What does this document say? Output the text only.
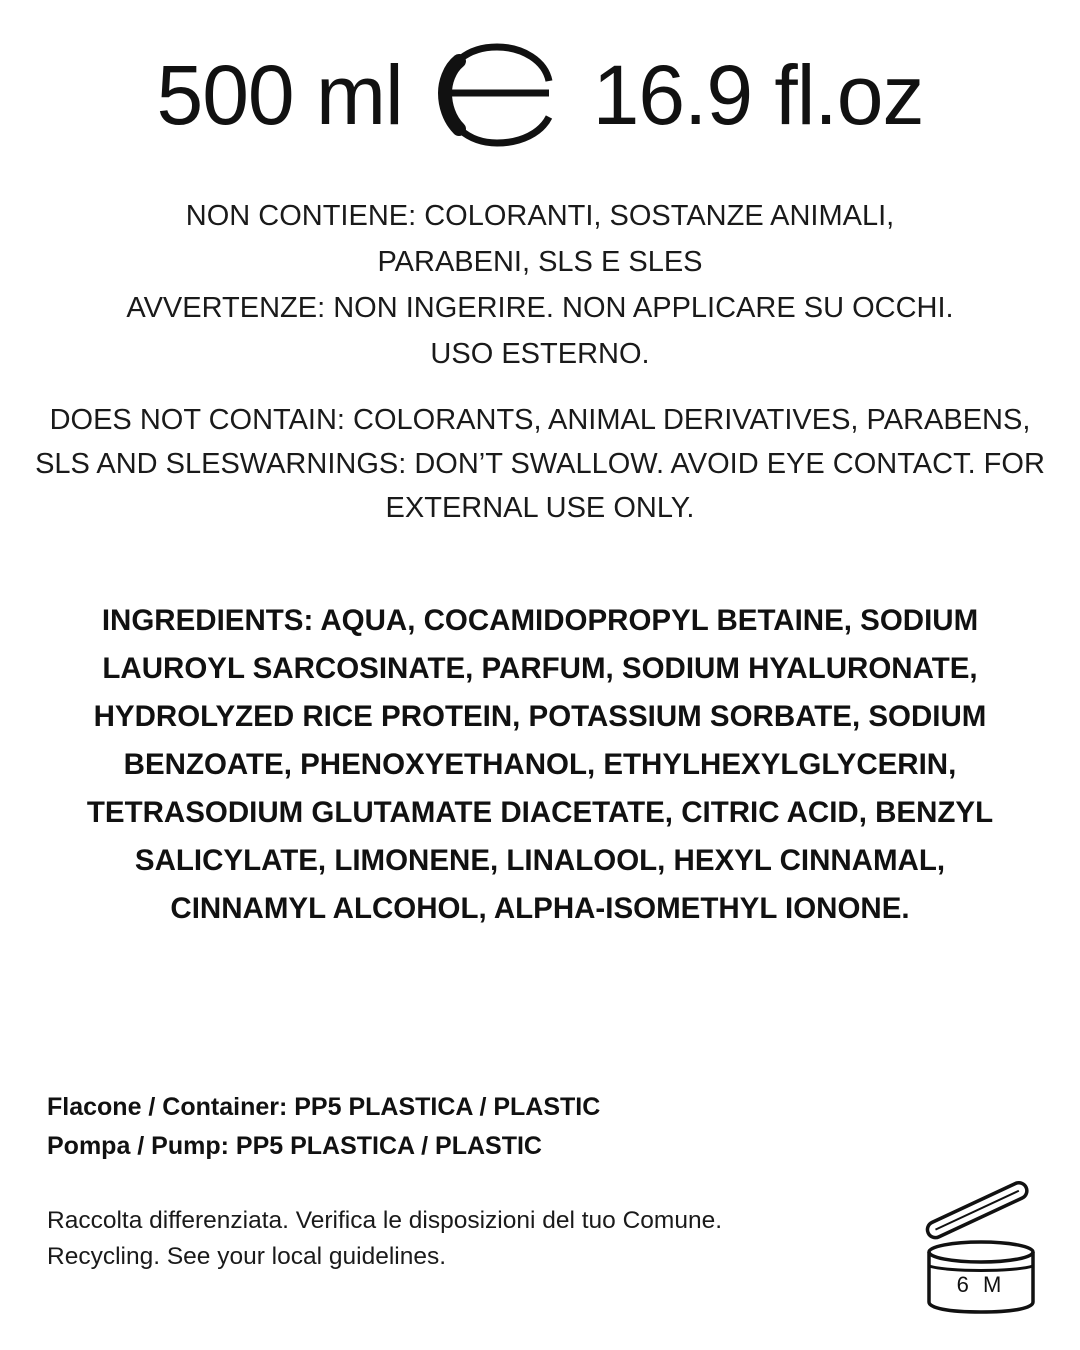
500 ml 16.9 fl.oz
NON CONTIENE: COLORANTI, SOSTANZE ANIMALI,
PARABENI, SLS E SLES
AVVERTENZE: NON INGERIRE. NON APPLICARE SU OCCHI.
USO ESTERNO.
DOES NOT CONTAIN: COLORANTS, ANIMAL DERIVATIVES, PARABENS, SLS AND SLESWARNINGS: DON’T SWALLOW. AVOID EYE CONTACT. FOR EXTERNAL USE ONLY.
INGREDIENTS: AQUA, COCAMIDOPROPYL BETAINE, SODIUM LAUROYL SARCOSINATE, PARFUM, SODIUM HYALURONATE, HYDROLYZED RICE PROTEIN, POTASSIUM SORBATE, SODIUM BENZOATE, PHENOXYETHANOL, ETHYLHEXYLGLYCERIN, TETRASODIUM GLUTAMATE DIACETATE, CITRIC ACID, BENZYL SALICYLATE, LIMONENE, LINALOOL, HEXYL CINNAMAL, CINNAMYL ALCOHOL, ALPHA-ISOMETHYL IONONE.
Flacone / Container: PP5 PLASTICA / PLASTIC
Pompa / Pump: PP5 PLASTICA / PLASTIC
Raccolta differenziata. Verifica le disposizioni del tuo Comune.
Recycling. See your local guidelines.
6 M
